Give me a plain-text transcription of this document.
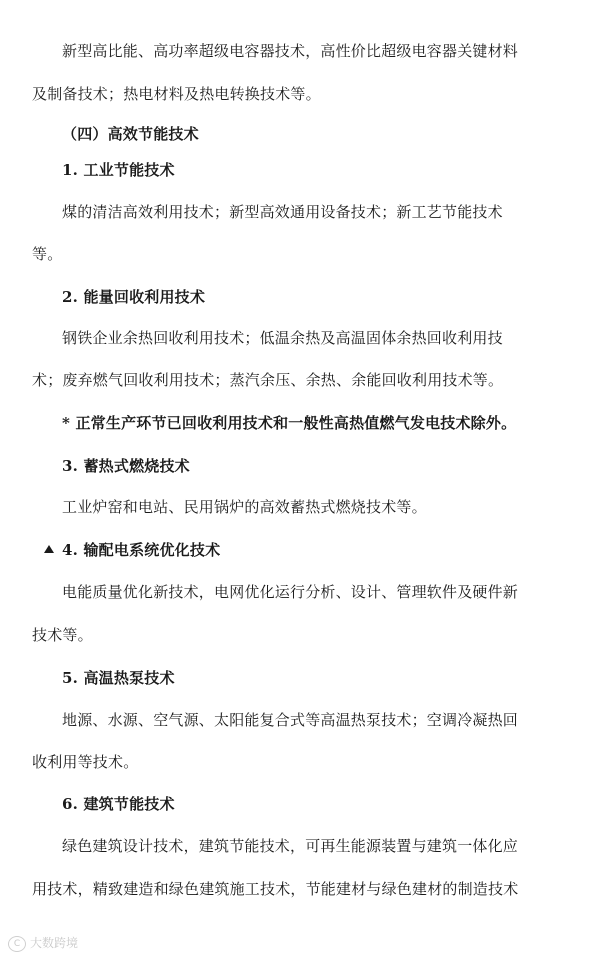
新型高比能、高功率超级电容器技术，高性价比超级电容器关键材料
及制备技术；热电材料及热电转换技术等。
（四）高效节能技术
1. 工业节能技术
煤的清洁高效利用技术；新型高效通用设备技术；新工艺节能技术
等。
2. 能量回收利用技术
钢铁企业余热回收利用技术；低温余热及高温固体余热回收利用技
术；废弃燃气回收利用技术；蒸汽余压、余热、余能回收利用技术等。
* 正常生产环节已回收利用技术和一般性高热值燃气发电技术除外。
3. 蓄热式燃烧技术
工业炉窑和电站、民用锅炉的高效蓄热式燃烧技术等。
4. 输配电系统优化技术
电能质量优化新技术，电网优化运行分析、设计、管理软件及硬件新
技术等。
5. 高温热泵技术
地源、水源、空气源、太阳能复合式等高温热泵技术；空调冷凝热回
收利用等技术。
6. 建筑节能技术
绿色建筑设计技术，建筑节能技术，可再生能源装置与建筑一体化应
用技术，精致建造和绿色建筑施工技术，节能建材与绿色建材的制造技术
C 大数跨境
